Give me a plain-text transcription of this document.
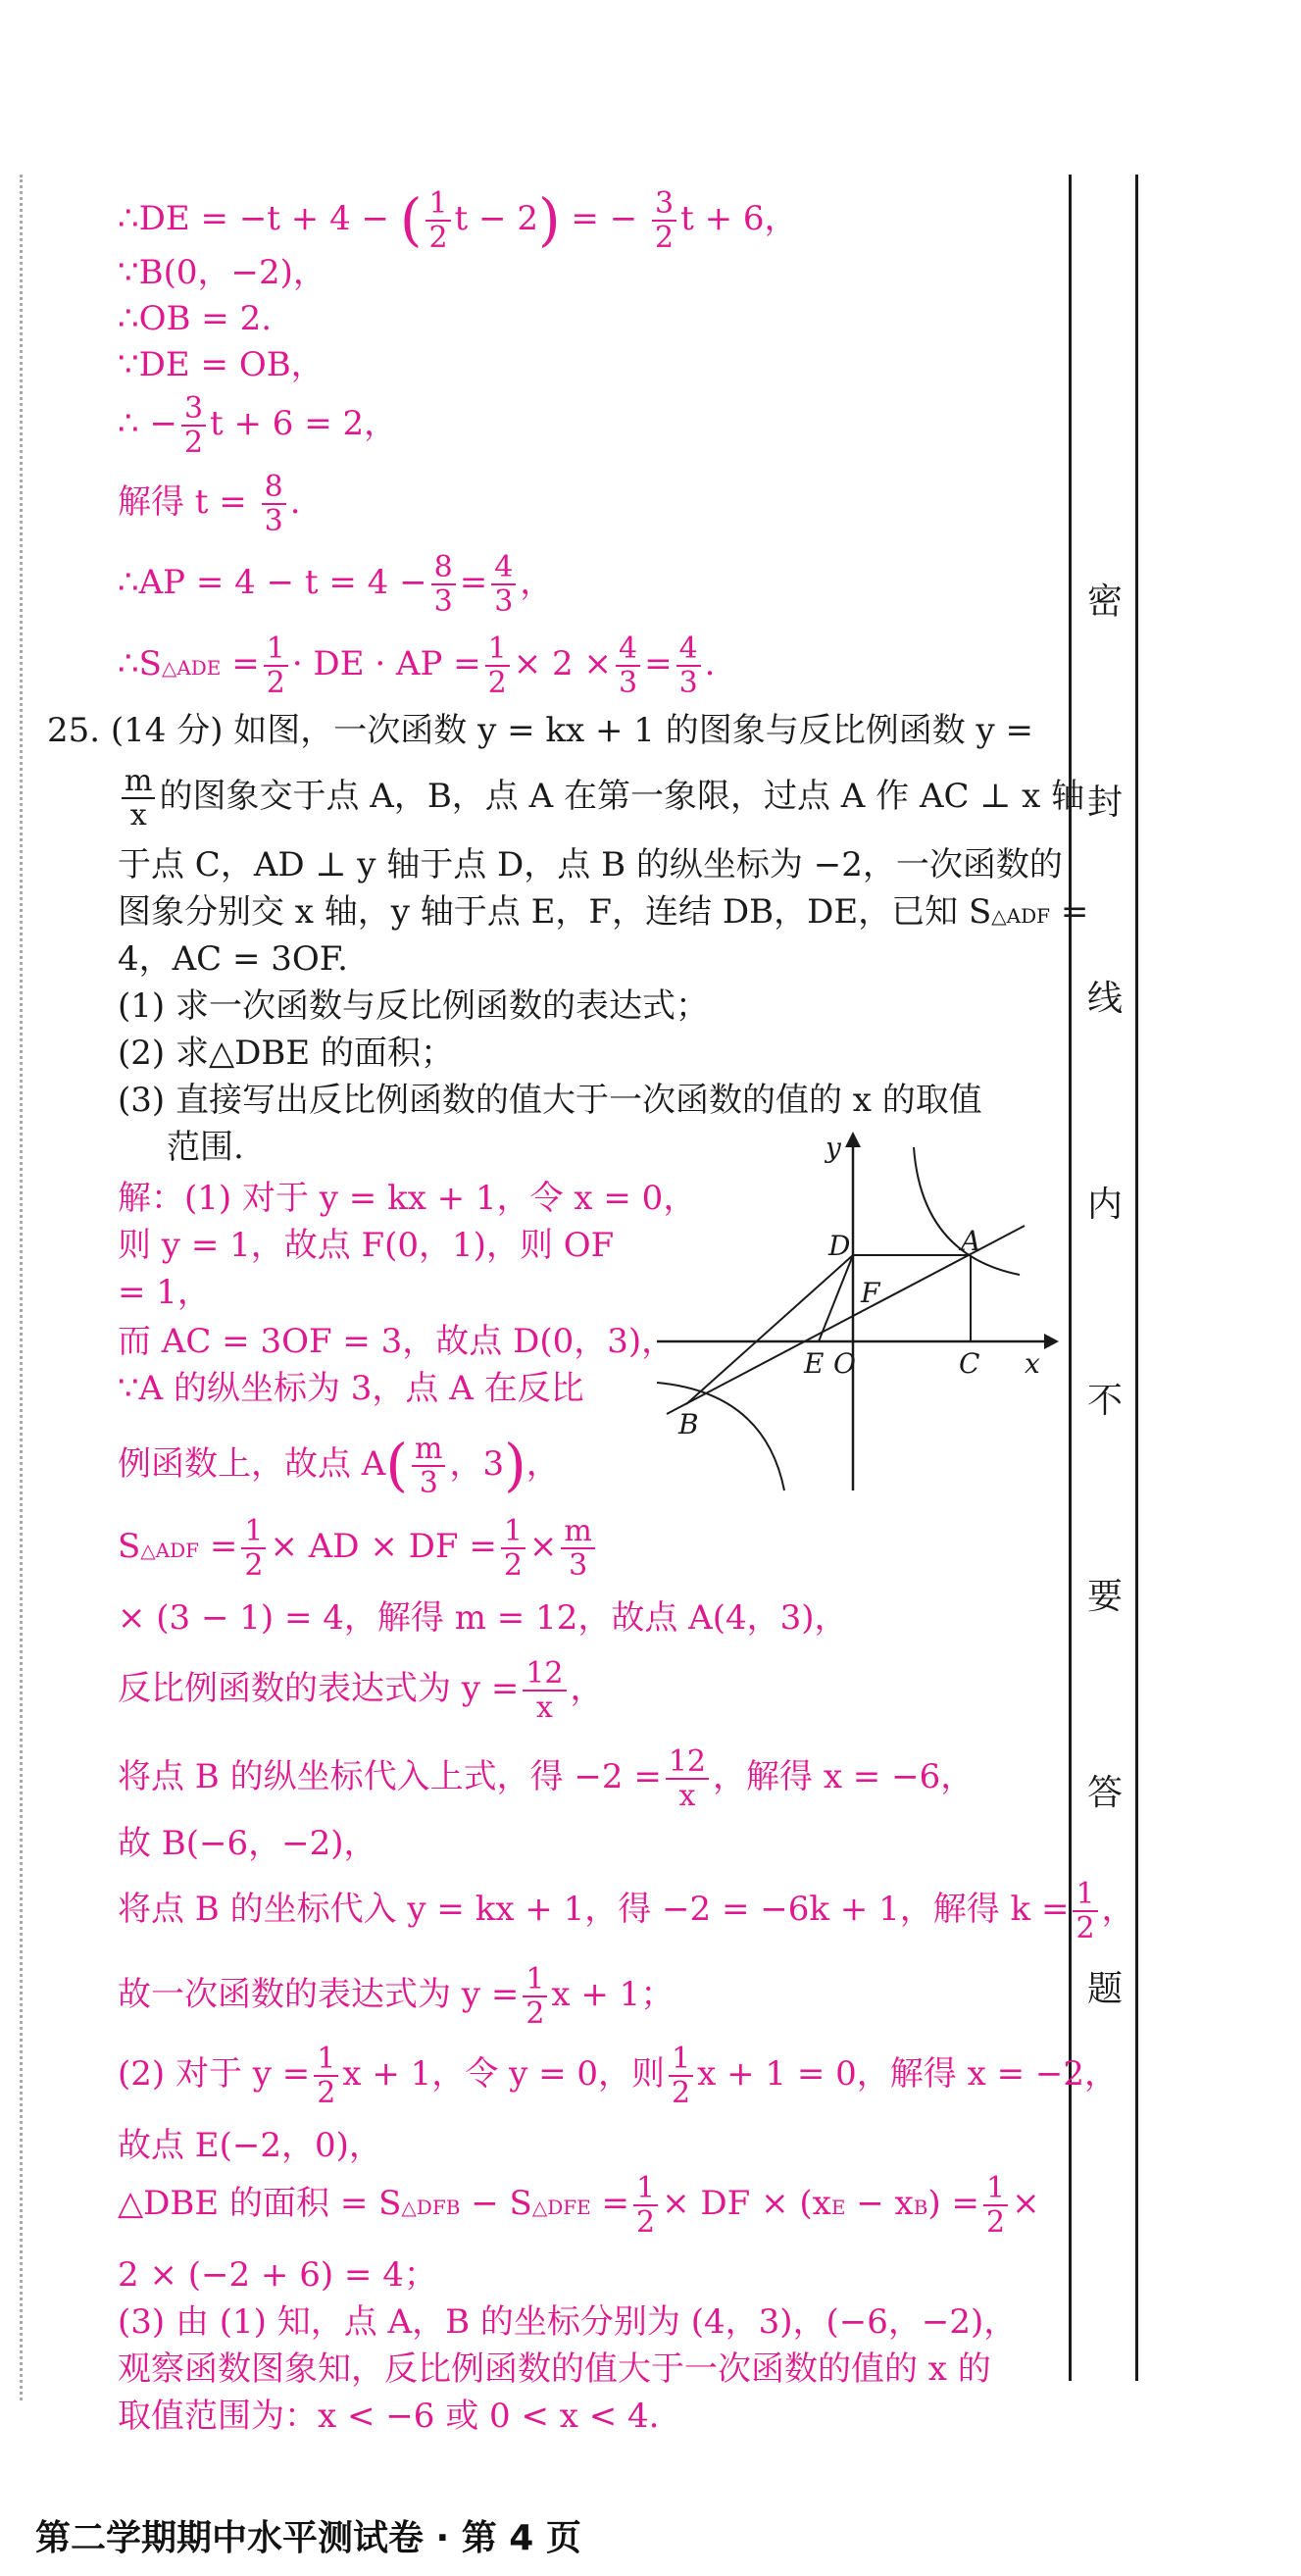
密
封
线
内
不
要
答
题
∴DE = −t + 4 − ( $\frac{1}{2}$ t − 2) = − $\frac{3}{2}$ t + 6，
∵B(0，−2)，
∴OB = 2.
∵DE = OB，
∴ − $\frac{3}{2}$ t + 6 = 2，
解得 $t = \frac{8}{3}$ .
∴AP = $4 - t = 4 - \frac{8}{3} = \frac{4}{3}$ ，
∴S△ADE = $\frac{1}{2}$ · DE · AP = $\frac{1}{2} \times 2 \times \frac{4}{3} = \frac{4}{3}$ .
25. (14 分) 如图，一次函数 y = kx + 1 的图象与反比例函数 y =
$\frac{m}{x}$ 的图象交于点 A，B，点 A 在第一象限，过点 A 作 AC ⊥ x 轴
于点 C，AD ⊥ y 轴于点 D，点 B 的纵坐标为 −2，一次函数的
图象分别交 x 轴，y 轴于点 E，F，连结 DB，DE，已知 S△ADF =
4，AC = 3OF.
(1) 求一次函数与反比例函数的表达式；
(2) 求△DBE 的面积；
(3) 直接写出反比例函数的值大于一次函数的值的 x 的取值
范围.
解：(1) 对于 y = kx + 1，令 x = 0，
则 y = 1，故点 F(0，1)，则 OF
= 1，
而 AC = 3OF = 3，故点 D(0，3)，
∵A 的纵坐标为 3，点 A 在反比
例函数上，故点 $A( \frac{m}{3}$ ，3)，
S△ADF = $\frac{1}{2}$ × AD × DF = $\frac{1}{2} \times \frac{m}{3}$
× (3 − 1) = 4，解得 m = 12，故点 A(4，3)，
反比例函数的表达式为 $y = \frac{12}{x}$ ，
将点 B 的纵坐标代入上式，得 $-2 = \frac{12}{x}$ ，解得 x = −6，
故 B(−6，−2)，
将点 B 的坐标代入 y = kx + 1，得 −2 = −6k + 1，解得 $k = \frac{1}{2}$ ，
故一次函数的表达式为 $y = \frac{1}{2}$ x + 1；
(2) 对于 $y = \frac{1}{2}$ x + 1，令 y = 0，则 $\frac{1}{2}$ x + 1 = 0，解得 x = −2，
故点 E(−2，0)，
△DBE 的面积 = S△DFB − S△DFE = $\frac{1}{2}$ × DF × $(xE - xB) = \frac{1}{2}$ ×
2 × (−2 + 6) = 4；
(3) 由 (1) 知，点 A，B 的坐标分别为 (4，3)，(−6，−2)，
观察函数图象知，反比例函数的值大于一次函数的值的 x 的
取值范围为：x < −6 或 0 < x < 4.
y
D	A
F
E O	C x
B
第二学期期中水平测试卷 · 第 4 页
